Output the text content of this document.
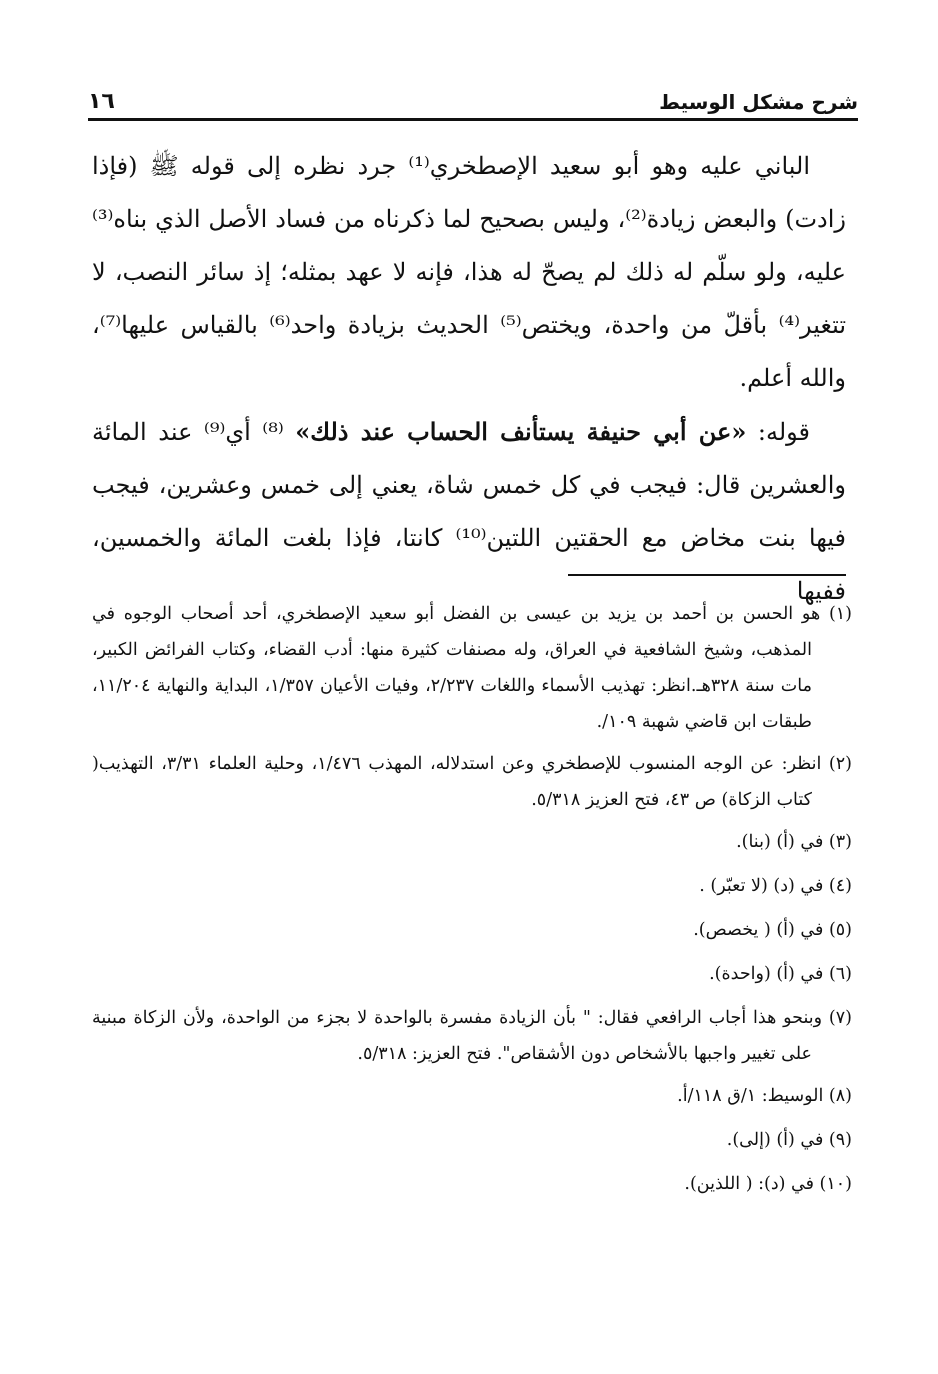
شرح مشكل الوسيط
١٦

الباني عليه وهو أبو سعيد الإصطخري⁽¹⁾ جرد نظره إلى قوله ﷺ (فإذا زادت) والبعض زيادة⁽²⁾، وليس بصحيح لما ذكرناه من فساد الأصل الذي بناه⁽³⁾ عليه، ولو سلّم له ذلك لم يصحّ له هذا، فإنه لا عهد بمثله؛ إذ سائر النصب، لا تتغير⁽⁴⁾ بأقلّ من واحدة، ويختص⁽⁵⁾ الحديث بزيادة واحد⁽⁶⁾ بالقياس عليها⁽⁷⁾، والله أعلم.

قوله: «عن أبي حنيفة يستأنف الحساب عند ذلك» ⁽⁸⁾ أي⁽⁹⁾ عند المائة والعشرين قال: فيجب في كل خمس شاة، يعني إلى خمس وعشرين، فيجب فيها بنت مخاض مع الحقتين اللتين⁽¹⁰⁾ كانتا، فإذا بلغت المائة والخمسين، ففيها

(١) هو الحسن بن أحمد بن يزيد بن عيسى بن الفضل أبو سعيد الإصطخري، أحد أصحاب الوجوه في المذهب، وشيخ الشافعية في العراق، وله مصنفات كثيرة منها: أدب القضاء، وكتاب الفرائض الكبير، مات سنة ٣٢٨هـ.انظر: تهذيب الأسماء واللغات ٢/٢٣٧، وفيات الأعيان ١/٣٥٧، البداية والنهاية ١١/٢٠٤، طبقات ابن قاضي شهبة ١٠٩/.

(٢) انظر: عن الوجه المنسوب للإصطخري وعن استدلاله، المهذب ١/٤٧٦، وحلية العلماء ٣/٣١، التهذيب( كتاب الزكاة) ص ٤٣، فتح العزيز ٥/٣١٨.

(٣) في (أ) (بنا).

(٤) في (د) (لا تعبّر) .

(٥) في (أ) ( يخصص).

(٦) في (أ) (واحدة).

(٧) وبنحو هذا أجاب الرافعي فقال: " بأن الزيادة مفسرة بالواحدة لا بجزء من الواحدة، ولأن الزكاة مبنية على تغيير واجبها بالأشخاص دون الأشقاص". فتح العزيز: ٥/٣١٨.

(٨) الوسيط: ١/ق ١١٨/أ.

(٩) في (أ) (إلى).

(١٠) في (د): ( اللذين).
